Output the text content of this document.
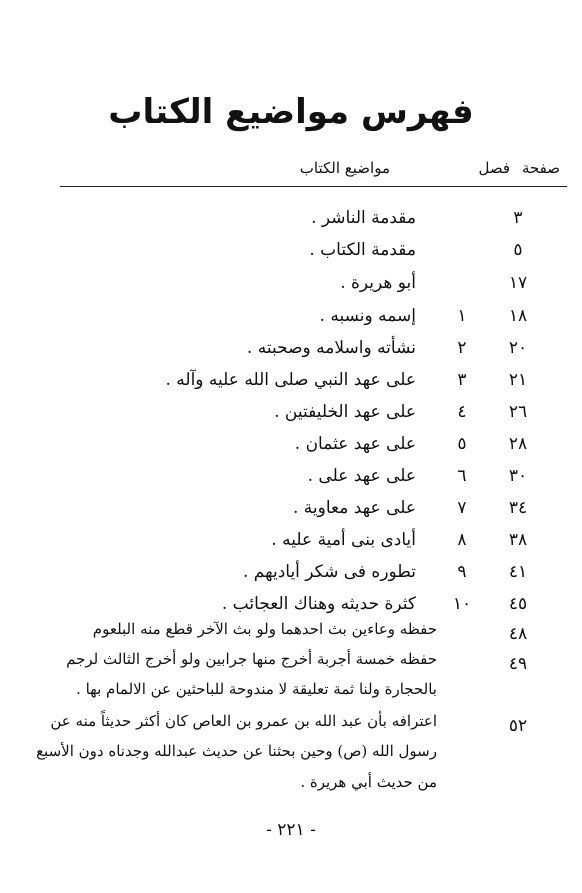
فهرس مواضيع الكتاب
صفحة
فصل
مواضيع الكتاب
٣
مقدمة الناشر .
٥
مقدمة الكتاب .
١٧
أبو هريرة .
١٨
١
إسمه ونسبه .
٢٠
٢
نشأته واسلامه وصحبته .
٢١
٣
على عهد النبي صلى الله عليه وآله .
٢٦
٤
على عهد الخليفتين .
٢٨
٥
على عهد عثمان .
٣٠
٦
على عهد على .
٣٤
٧
على عهد معاوية .
٣٨
٨
أيادى بنى أمية عليه .
٤١
٩
تطوره فى شكر أياديهم .
٤٥
١٠
كثرة حديثه وهناك العجائب .
٤٨
حفظه وعاءين بث احدهما ولو بث الآخر قطع منه البلعوم
٤٩
حفظه خمسة أجربة أخرج منها جرابين ولو أخرج الثالث لرجم
بالحجارة ولنا ثمة تعليقة لا مندوحة للباحثين عن الالمام بها .
٥٢
اعترافه بأن عبد الله بن عمرو بن العاص كان أكثر حديثاً منه عن
رسول الله (ص) وحين بحثنا عن حديث عبدالله وجدناه دون الأسبع
من حديث أبي هريرة .
- ٢٢١ -
